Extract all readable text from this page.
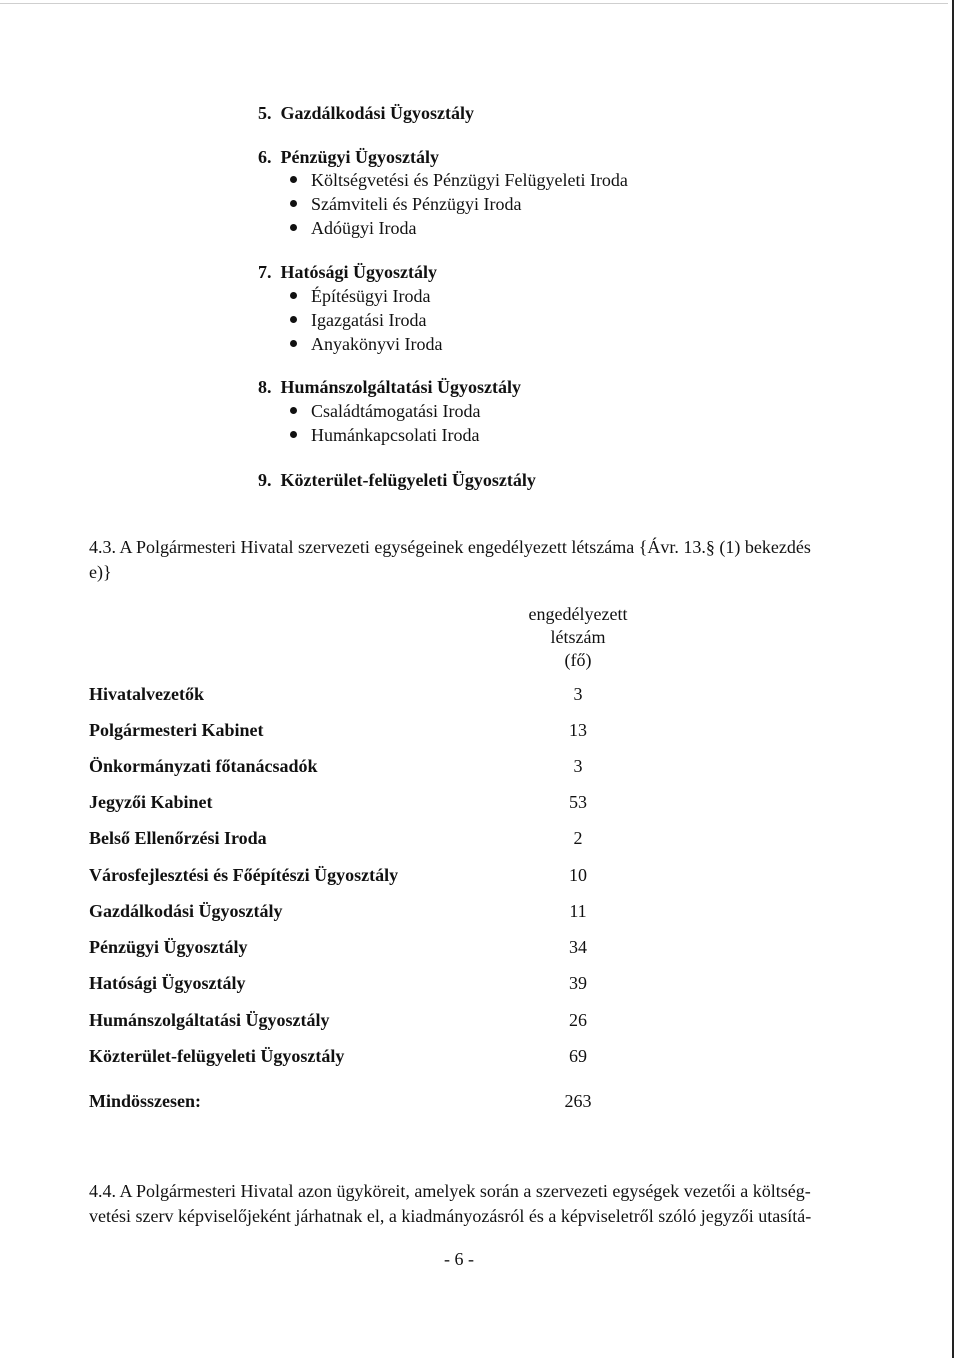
5. Gazdálkodási Ügyosztály
6. Pénzügyi Ügyosztály
Költségvetési és Pénzügyi Felügyeleti Iroda
Számviteli és Pénzügyi Iroda
Adóügyi Iroda
7. Hatósági Ügyosztály
Építésügyi Iroda
Igazgatási Iroda
Anyakönyvi Iroda
8. Humánszolgáltatási Ügyosztály
Családtámogatási Iroda
Humánkapcsolati Iroda
9. Közterület-felügyeleti Ügyosztály
4.3. A Polgármesteri Hivatal szervezeti egységeinek engedélyezett létszáma {Ávr. 13.§ (1) bekezdés
e)}
engedélyezett
létszám
(fő)
Hivatalvezetők	3
Polgármesteri Kabinet	13
Önkormányzati főtanácsadók	3
Jegyzői Kabinet	53
Belső Ellenőrzési Iroda	2
Városfejlesztési és Főépítészi Ügyosztály	10
Gazdálkodási Ügyosztály	11
Pénzügyi Ügyosztály	34
Hatósági Ügyosztály	39
Humánszolgáltatási Ügyosztály	26
Közterület-felügyeleti Ügyosztály	69
Mindösszesen:	263
4.4. A Polgármesteri Hivatal azon ügyköreit, amelyek során a szervezeti egységek vezetői a költség-
vetési szerv képviselőjeként járhatnak el, a kiadmányozásról és a képviseletről szóló jegyzői utasítá-
- 6 -
